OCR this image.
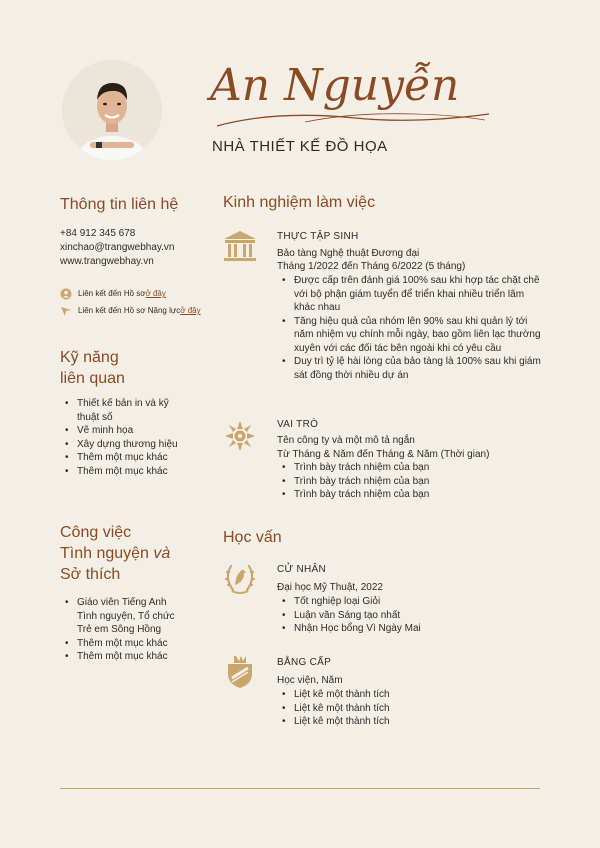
An Nguyễn
NHÀ THIẾT KẾ ĐỒ HỌA
Thông tin liên hệ
+84 912 345 678
xinchao@trangwebhay.vn
www.trangwebhay.vn
Liên kết đến Hồ sơ ở đây
Liên kết đến Hồ sơ Năng lực ở đây
Kỹ năng
liên quan
• Thiết kế bản in và kỹ thuật số
• Vẽ minh họa
• Xây dựng thương hiệu
• Thêm một mục khác
• Thêm một mục khác
Công việc
Tình nguyện và
Sở thích
• Giáo viên Tiếng Anh Tình nguyện, Tổ chức Trẻ em Sông Hồng
• Thêm một mục khác
• Thêm một mục khác
Kinh nghiệm làm việc
THỰC TẬP SINH
Bảo tàng Nghệ thuật Đương đại
Tháng 1/2022 đến Tháng 6/2022 (5 tháng)
• Được cấp trên đánh giá 100% sau khi hợp tác chặt chẽ với bộ phận giám tuyển để triển khai nhiều triển lãm khác nhau
• Tăng hiệu quả của nhóm lên 90% sau khi quản lý tới năm nhiệm vụ chính mỗi ngày, bao gồm liên lạc thường xuyên với các đối tác bên ngoài khi có yêu cầu
• Duy trì tỷ lệ hài lòng của bảo tàng là 100% sau khi giám sát đồng thời nhiều dự án
VAI TRÒ
Tên công ty và một mô tả ngắn
Từ Tháng & Năm đến Tháng & Năm (Thời gian)
• Trình bày trách nhiệm của bạn
• Trình bày trách nhiệm của bạn
• Trình bày trách nhiệm của bạn
Học vấn
CỬ NHÂN
Đại học Mỹ Thuật, 2022
• Tốt nghiệp loại Giỏi
• Luận văn Sáng tạo nhất
• Nhận Học bổng Vì Ngày Mai
BẰNG CẤP
Học viện, Năm
• Liệt kê một thành tích
• Liệt kê một thành tích
• Liệt kê một thành tích
